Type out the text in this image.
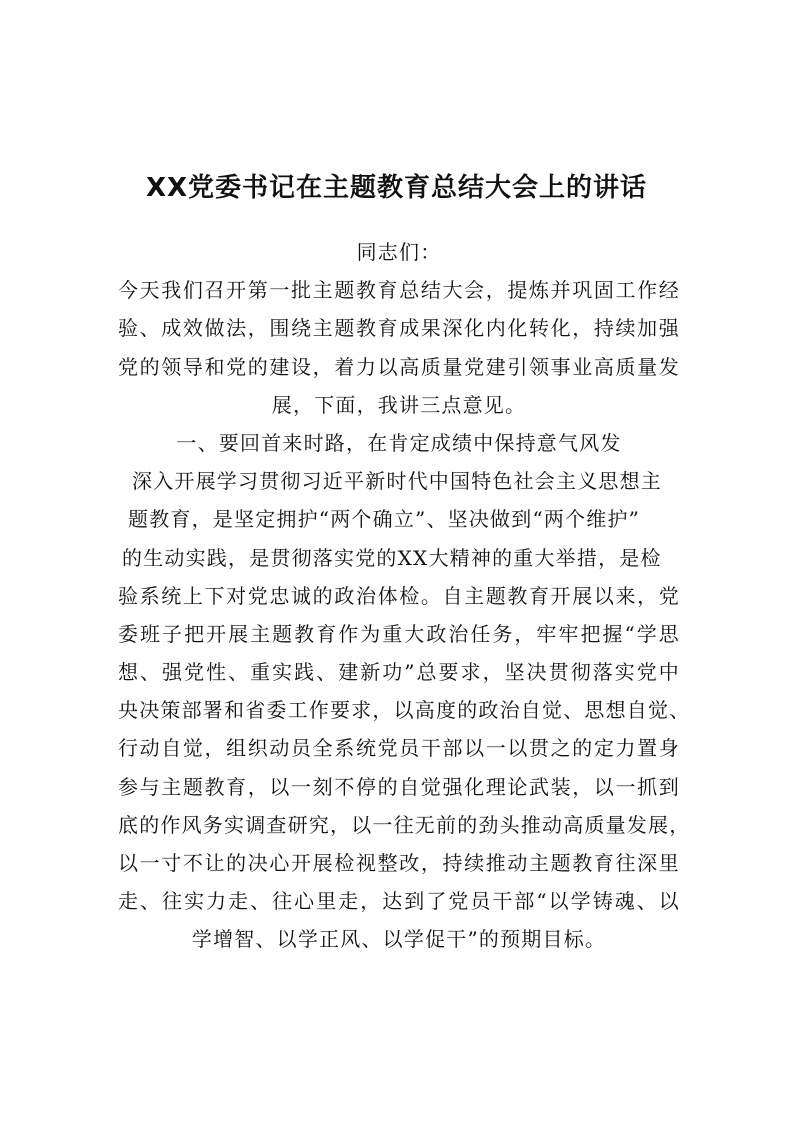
XX党委书记在主题教育总结大会上的讲话
同志们：
今天我们召开第一批主题教育总结大会，提炼并巩固工作经
验、成效做法，围绕主题教育成果深化内化转化，持续加强
党的领导和党的建设，着力以高质量党建引领事业高质量发
展，下面，我讲三点意见。
一、要回首来时路，在肯定成绩中保持意气风发
深入开展学习贯彻习近平新时代中国特色社会主义思想主
题教育，是坚定拥护“两个确立”、坚决做到“两个维护”
的生动实践，是贯彻落实党的XX大精神的重大举措，是检
验系统上下对党忠诚的政治体检。自主题教育开展以来，党
委班子把开展主题教育作为重大政治任务，牢牢把握“学思
想、强党性、重实践、建新功”总要求，坚决贯彻落实党中
央决策部署和省委工作要求，以高度的政治自觉、思想自觉、
行动自觉，组织动员全系统党员干部以一以贯之的定力置身
参与主题教育，以一刻不停的自觉强化理论武装，以一抓到
底的作风务实调查研究，以一往无前的劲头推动高质量发展，
以一寸不让的决心开展检视整改，持续推动主题教育往深里
走、往实力走、往心里走，达到了党员干部“以学铸魂、以
学增智、以学正风、以学促干”的预期目标。
